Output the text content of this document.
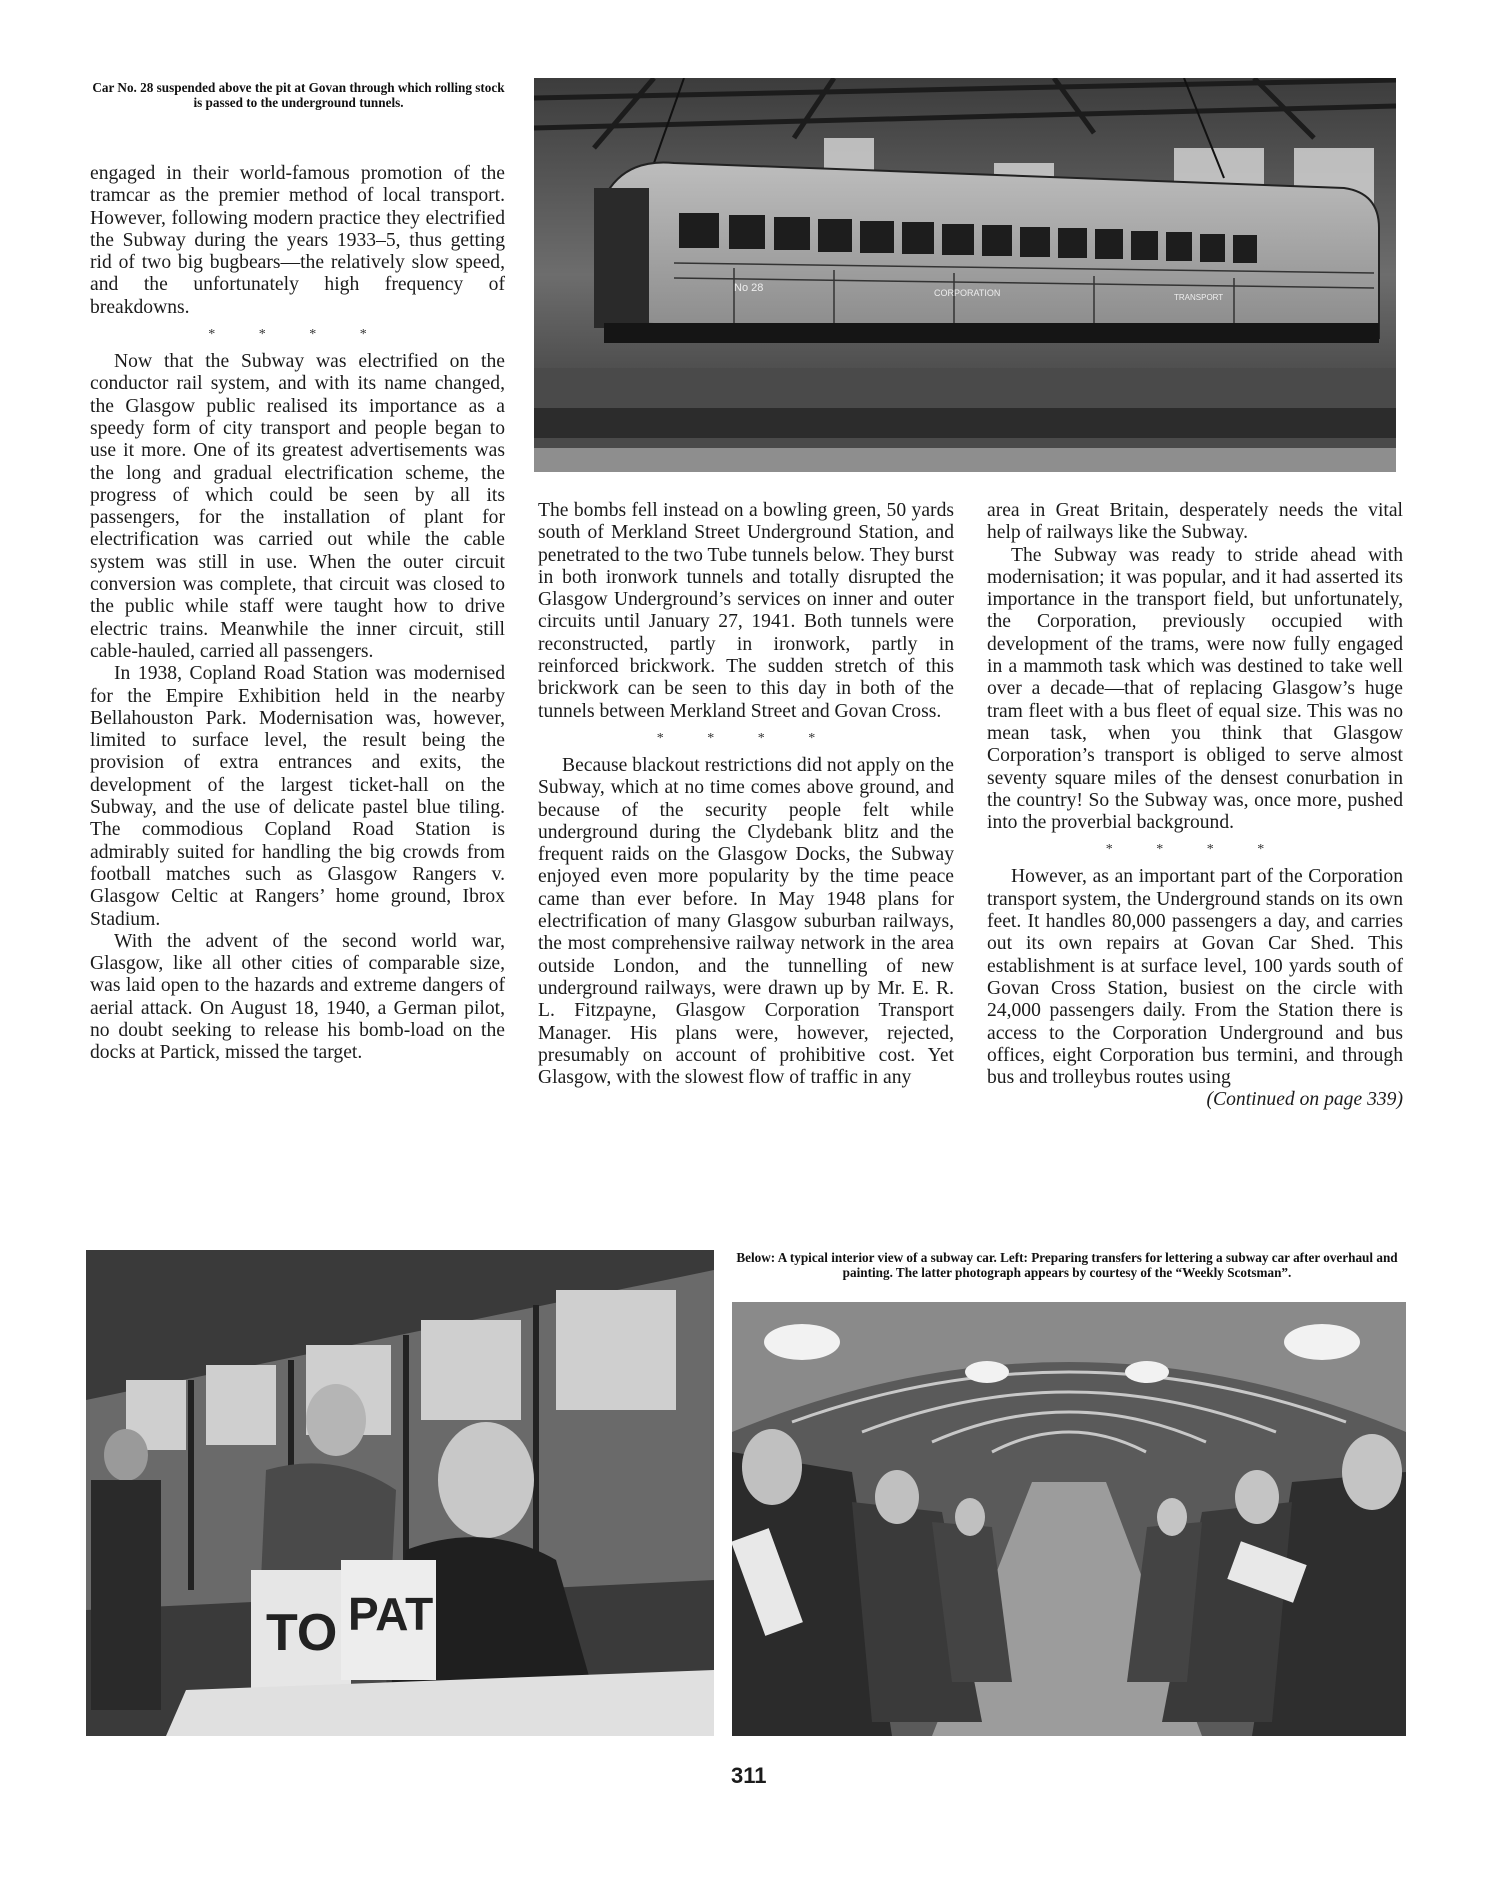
Car No. 28 suspended above the pit at Govan through which rolling stock is passed to the underground tunnels.

No 28	CORPORATION	TRANSPORT

engaged in their world-famous promotion of the tramcar as the premier method of local transport. However, following modern practice they electrified the Subway during the years 1933–5, thus getting rid of two big bugbears—the relatively slow speed, and the unfortunately high frequency of breakdowns.

* * * *

Now that the Subway was electrified on the conductor rail system, and with its name changed, the Glasgow public realised its importance as a speedy form of city transport and people began to use it more. One of its greatest advertisements was the long and gradual electrification scheme, the progress of which could be seen by all its passengers, for the installation of plant for electrification was carried out while the cable system was still in use. When the outer circuit conversion was complete, that circuit was closed to the public while staff were taught how to drive electric trains. Meanwhile the inner circuit, still cable-hauled, carried all passengers.

In 1938, Copland Road Station was modernised for the Empire Exhibition held in the nearby Bellahouston Park. Modernisation was, however, limited to surface level, the result being the provision of extra entrances and exits, the development of the largest ticket-hall on the Subway, and the use of delicate pastel blue tiling. The commodious Copland Road Station is admirably suited for handling the big crowds from football matches such as Glasgow Rangers v. Glasgow Celtic at Rangers’ home ground, Ibrox Stadium.

With the advent of the second world war, Glasgow, like all other cities of comparable size, was laid open to the hazards and extreme dangers of aerial attack. On August 18, 1940, a German pilot, no doubt seeking to release his bomb-load on the docks at Partick, missed the target.

The bombs fell instead on a bowling green, 50 yards south of Merkland Street Underground Station, and penetrated to the two Tube tunnels below. They burst in both ironwork tunnels and totally disrupted the Glasgow Underground’s services on inner and outer circuits until January 27, 1941. Both tunnels were reconstructed, partly in ironwork, partly in reinforced brickwork. The sudden stretch of this brickwork can be seen to this day in both of the tunnels between Merkland Street and Govan Cross.

* * * *

Because blackout restrictions did not apply on the Subway, which at no time comes above ground, and because of the security people felt while underground during the Clydebank blitz and the frequent raids on the Glasgow Docks, the Subway enjoyed even more popularity by the time peace came than ever before. In May 1948 plans for electrification of many Glasgow suburban railways, the most comprehensive railway network in the area outside London, and the tunnelling of new underground railways, were drawn up by Mr. E. R. L. Fitzpayne, Glasgow Corporation Transport Manager. His plans were, however, rejected, presumably on account of prohibitive cost. Yet Glasgow, with the slowest flow of traffic in any

area in Great Britain, desperately needs the vital help of railways like the Subway.

The Subway was ready to stride ahead with modernisation; it was popular, and it had asserted its importance in the transport field, but unfortunately, the Corporation, previously occupied with development of the trams, were now fully engaged in a mammoth task which was destined to take well over a decade—that of replacing Glasgow’s huge tram fleet with a bus fleet of equal size. This was no mean task, when you think that Glasgow Corporation’s transport is obliged to serve almost seventy square miles of the densest conurbation in the country! So the Subway was, once more, pushed into the proverbial background.

* * * *

However, as an important part of the Corporation transport system, the Underground stands on its own feet. It handles 80,000 passengers a day, and carries out its own repairs at Govan Car Shed. This establishment is at surface level, 100 yards south of Govan Cross Station, busiest on the circle with 24,000 passengers daily. From the Station there is access to the Corporation Underground and bus offices, eight Corporation bus termini, and through bus and trolleybus routes using

(Continued on page 339)

Below: A typical interior view of a subway car. Left: Preparing transfers for lettering a subway car after overhaul and painting. The latter photograph appears by courtesy of the “Weekly Scotsman”.

TO PAT
311
